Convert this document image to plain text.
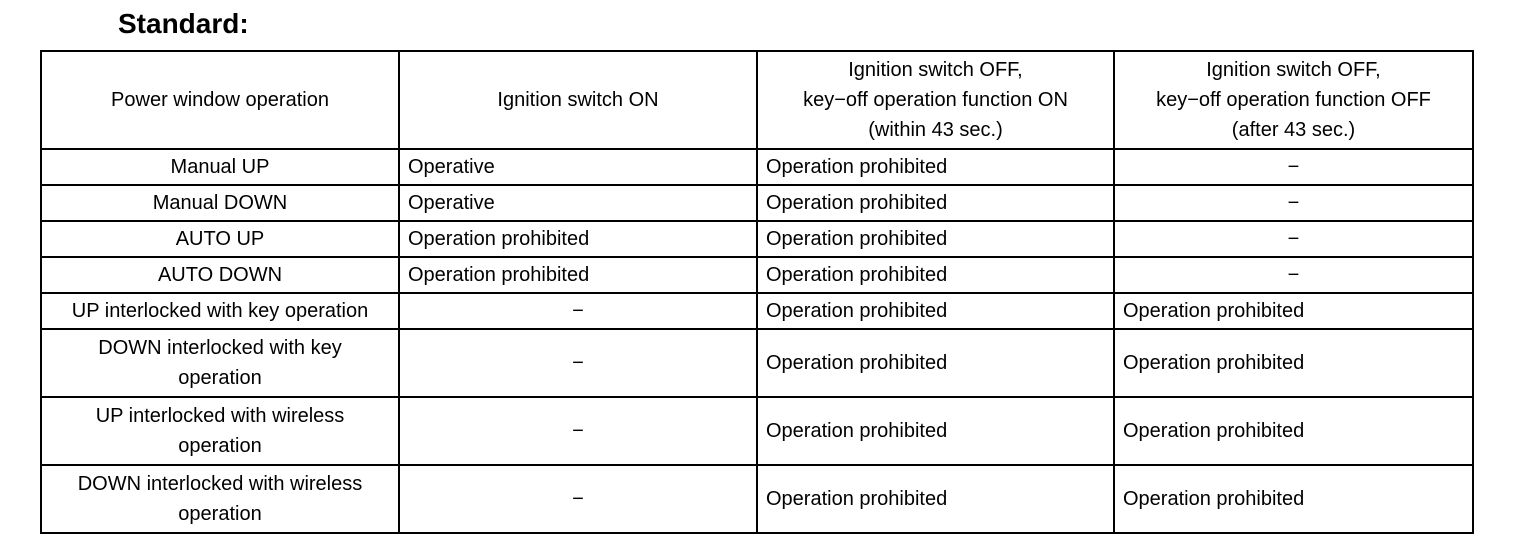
Standard:
Power window operation	Ignition switch ON	Ignition switch OFF,
key−off operation function ON
(within 43 sec.)	Ignition switch OFF,
key−off operation function OFF
(after 43 sec.)

Manual UP	Operative	Operation prohibited	−
Manual DOWN	Operative	Operation prohibited	−
AUTO UP	Operation prohibited	Operation prohibited	−
AUTO DOWN	Operation prohibited	Operation prohibited	−
UP interlocked with key operation	−	Operation prohibited	Operation prohibited

DOWN interlocked with key
operation	−	Operation prohibited	Operation prohibited

UP interlocked with wireless
operation	−	Operation prohibited	Operation prohibited

DOWN interlocked with wireless
operation	−	Operation prohibited	Operation prohibited
